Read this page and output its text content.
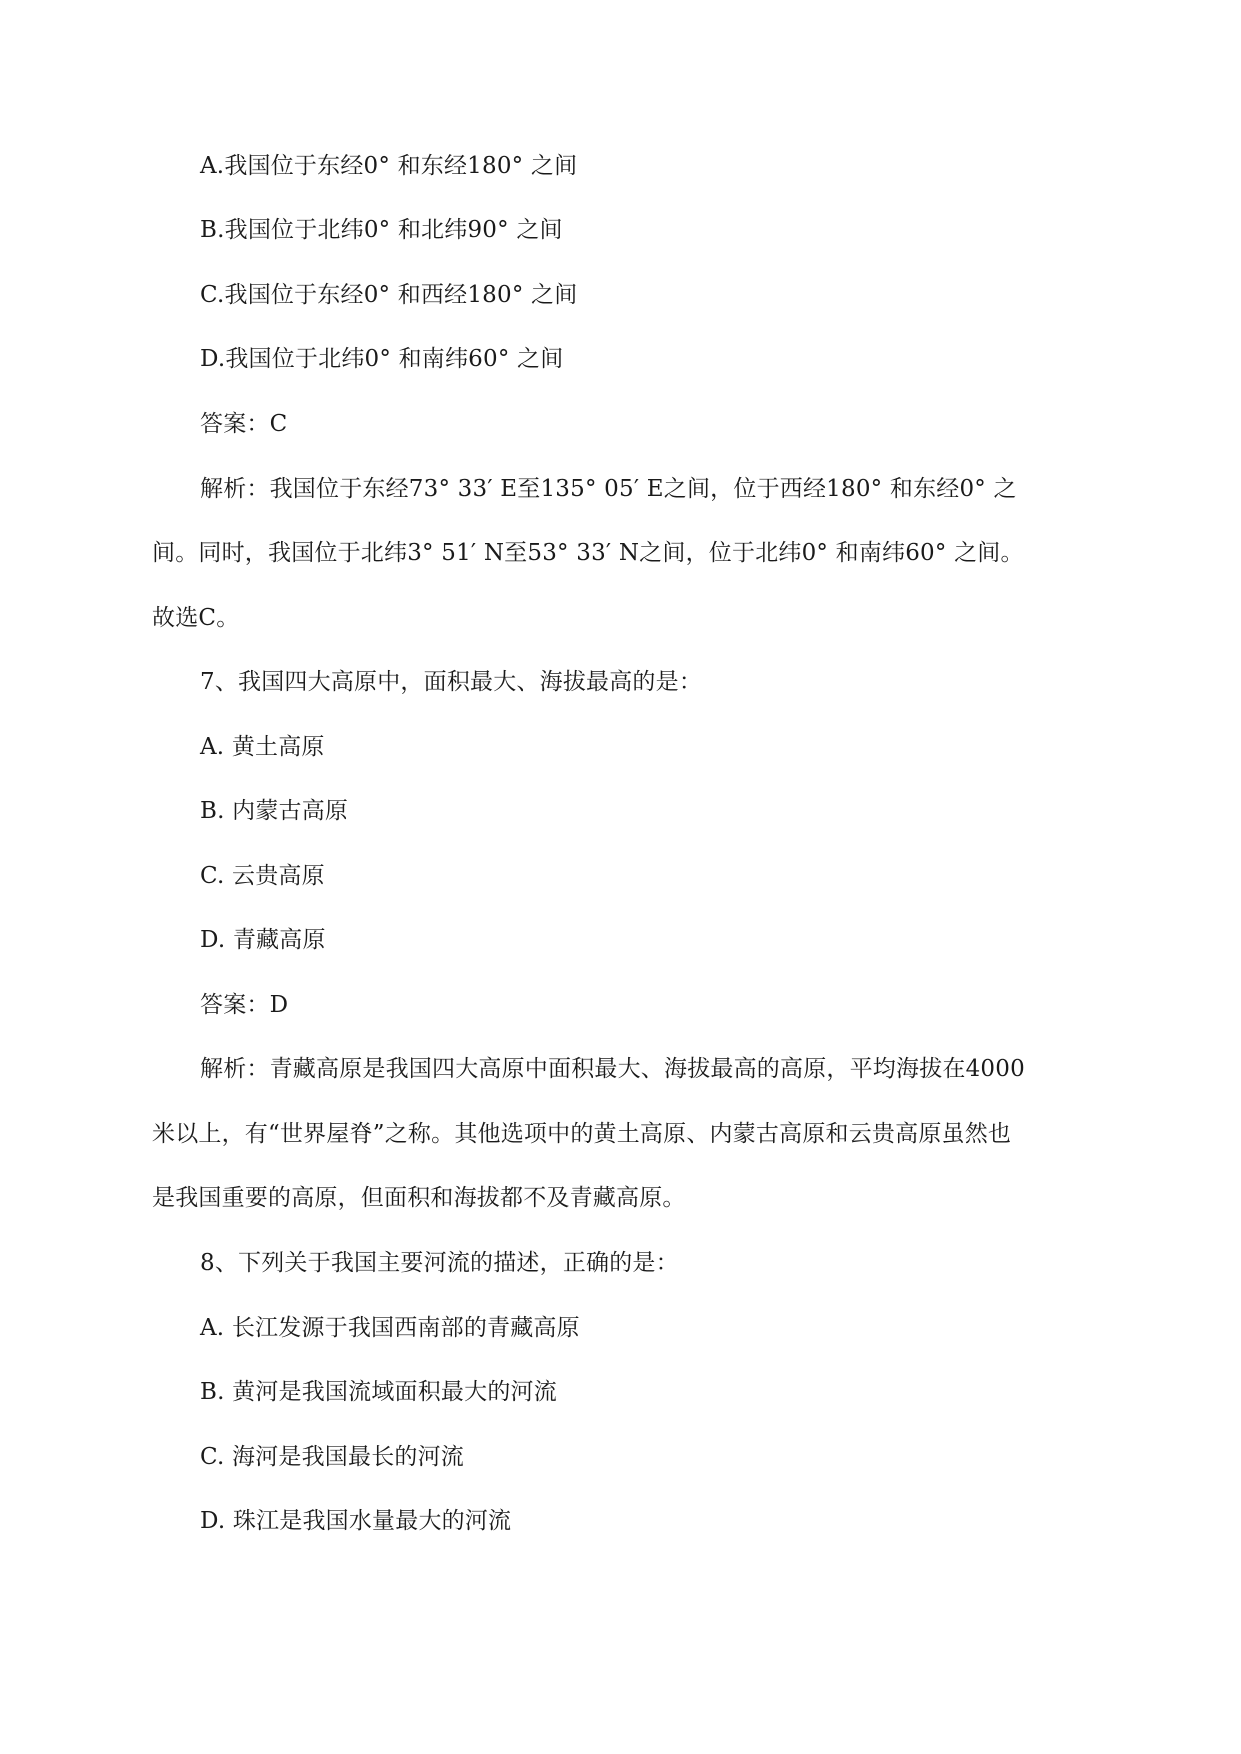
A.我国位于东经0° 和东经180° 之间
B.我国位于北纬0° 和北纬90° 之间
C.我国位于东经0° 和西经180° 之间
D.我国位于北纬0° 和南纬60° 之间
答案：C
解析：我国位于东经73° 33′ E至135° 05′ E之间，位于西经180° 和东经0° 之
间。同时，我国位于北纬3° 51′ N至53° 33′ N之间，位于北纬0° 和南纬60° 之间。
故选C。
7、我国四大高原中，面积最大、海拔最高的是：
A. 黄土高原
B. 内蒙古高原
C. 云贵高原
D. 青藏高原
答案：D
解析：青藏高原是我国四大高原中面积最大、海拔最高的高原，平均海拔在4000
米以上，有“世界屋脊”之称。其他选项中的黄土高原、内蒙古高原和云贵高原虽然也
是我国重要的高原，但面积和海拔都不及青藏高原。
8、下列关于我国主要河流的描述，正确的是：
A. 长江发源于我国西南部的青藏高原
B. 黄河是我国流域面积最大的河流
C. 海河是我国最长的河流
D. 珠江是我国水量最大的河流
